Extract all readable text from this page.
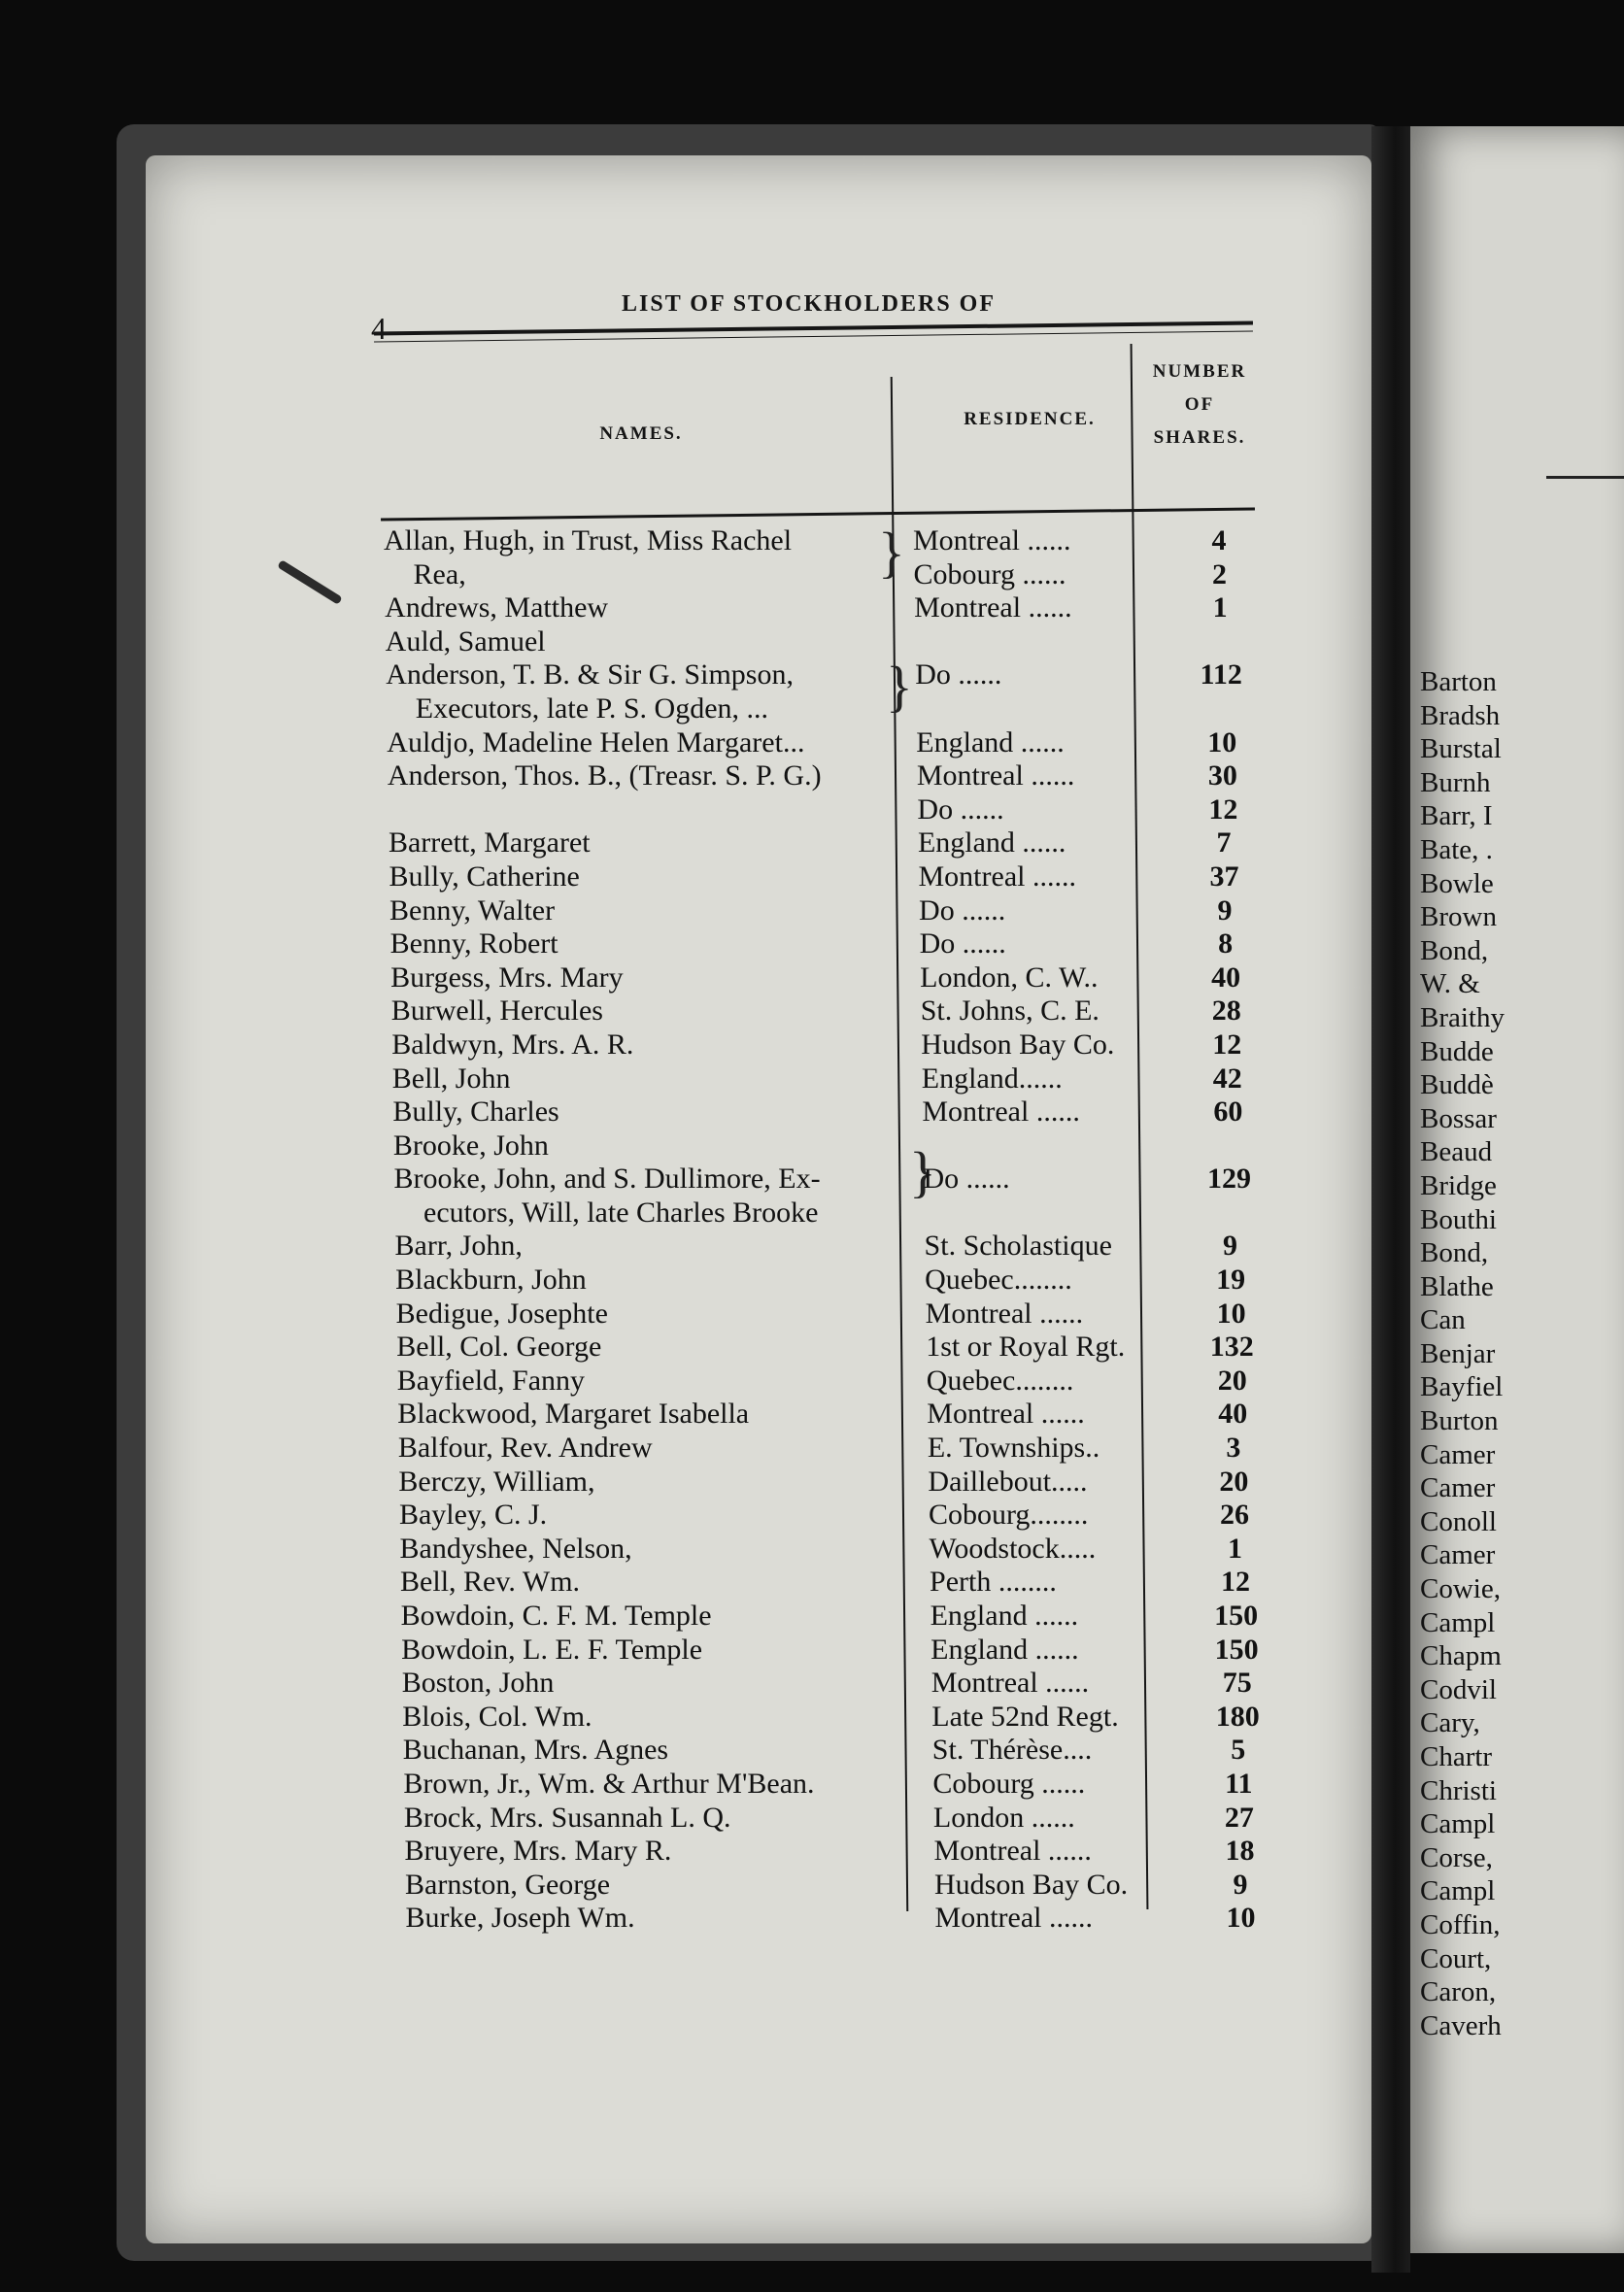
Barton
Bradsh
Burstal
Burnh
Barr, I
Bate, .
Bowle
Brown
Bond,
W. &
Braithy
Budde
Buddè
Bossar
Beaud
Bridge
Bouthi
Bond,
Blathe
Can
Benjar
Bayfiel
Burton
Camer
Camer
Conoll
Camer
Cowie,
Campl
Chapm
Codvil
Cary,
Chartr
Christi
Campl
Corse,
Campl
Coffin,
Court,
Caron,
Caverh
4
LIST OF STOCKHOLDERS OF
NAMES.
RESIDENCE.
NUMBER
OF
SHARES.
}
}
}
Allan, Hugh, in Trust, Miss Rachel	Montreal ......	4
Rea,	Cobourg ......	2
Andrews, Matthew	Montreal ......	1
Auld, Samuel
Anderson, T. B. & Sir G. Simpson,	Do ......	112
Executors, late P. S. Ogden, ...
Auldjo, Madeline Helen Margaret...	England ......	10
Anderson, Thos. B., (Treasr. S. P. G.)	Montreal ......	30
Do ......	12
Barrett, Margaret	England ......	7
Bully, Catherine	Montreal ......	37
Benny, Walter	Do ......	9
Benny, Robert	Do ......	8
Burgess, Mrs. Mary	London, C. W..	40
Burwell, Hercules	St. Johns, C. E.	28
Baldwyn, Mrs. A. R.	Hudson Bay Co.	12
Bell, John	England......	42
Bully, Charles	Montreal ......	60
Brooke, John
Brooke, John, and S. Dullimore, Ex-	Do ......	129
ecutors, Will, late Charles Brooke
Barr, John,	St. Scholastique	9
Blackburn, John	Quebec........	19
Bedigue, Josephte	Montreal ......	10
Bell, Col. George	1st or Royal Rgt.	132
Bayfield, Fanny	Quebec........	20
Blackwood, Margaret Isabella	Montreal ......	40
Balfour, Rev. Andrew	E. Townships..	3
Berczy, William,	Daillebout.....	20
Bayley, C. J.	Cobourg........	26
Bandyshee, Nelson,	Woodstock.....	1
Bell, Rev. Wm.	Perth ........	12
Bowdoin, C. F. M. Temple	England ......	150
Bowdoin, L. E. F. Temple	England ......	150
Boston, John	Montreal ......	75
Blois, Col. Wm.	Late 52nd Regt.	180
Buchanan, Mrs. Agnes	St. Thérèse....	5
Brown, Jr., Wm. & Arthur M'Bean.	Cobourg ......	11
Brock, Mrs. Susannah L. Q.	London ......	27
Bruyere, Mrs. Mary R.	Montreal ......	18
Barnston, George	Hudson Bay Co.	9
Burke, Joseph Wm.	Montreal ......	10
